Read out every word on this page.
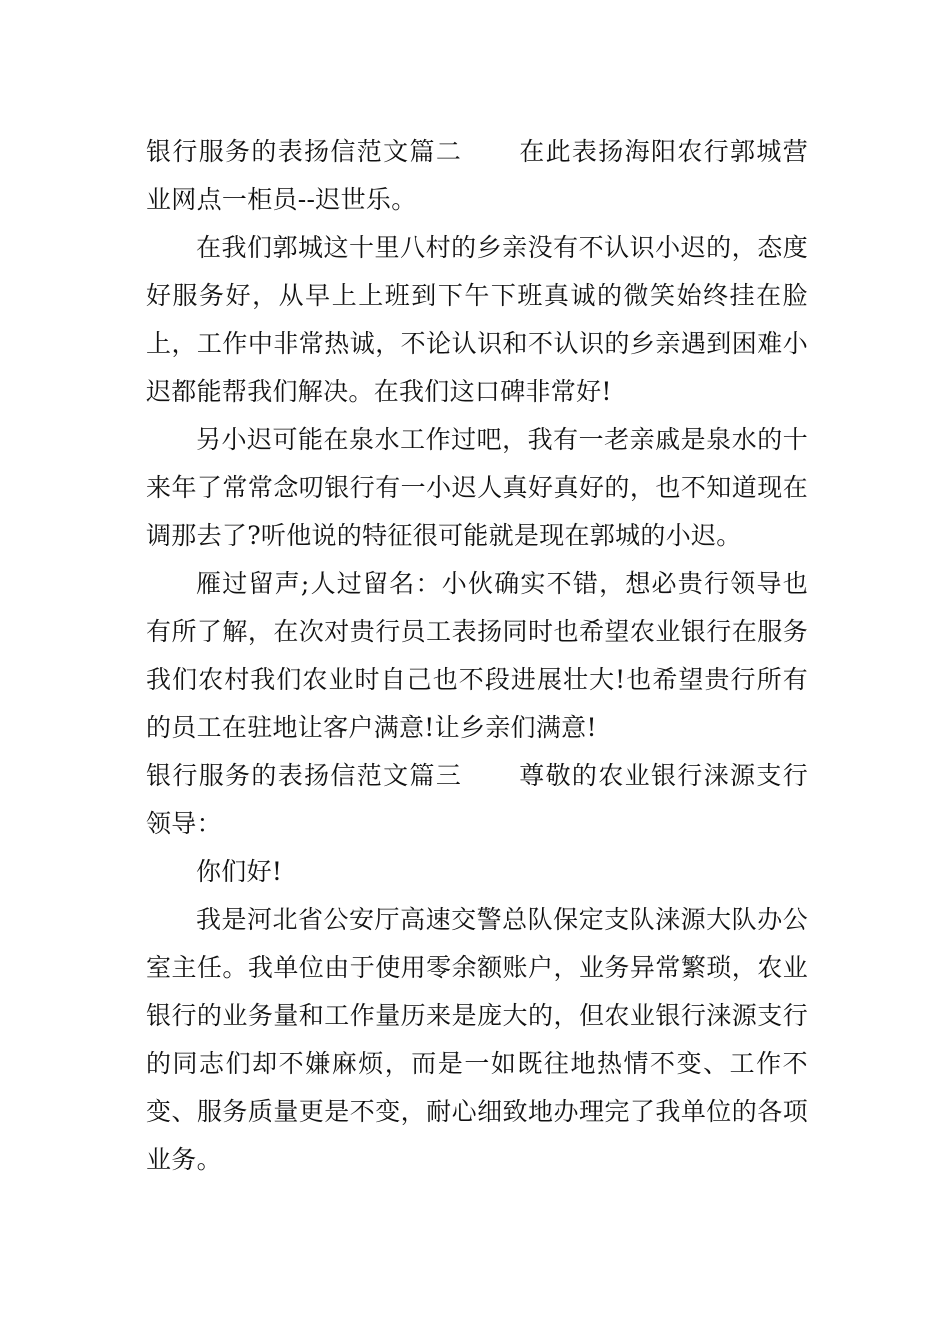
银行服务的表扬信范文篇二 在此表扬海阳农行郭城营业网点一柜员--迟世乐。

在我们郭城这十里八村的乡亲没有不认识小迟的，态度好服务好，从早上上班到下午下班真诚的微笑始终挂在脸上，工作中非常热诚，不论认识和不认识的乡亲遇到困难小迟都能帮我们解决。在我们这口碑非常好!

另小迟可能在泉水工作过吧，我有一老亲戚是泉水的十来年了常常念叨银行有一小迟人真好真好的，也不知道现在调那去了?听他说的特征很可能就是现在郭城的小迟。

雁过留声;人过留名：小伙确实不错，想必贵行领导也有所了解，在次对贵行员工表扬同时也希望农业银行在服务我们农村我们农业时自己也不段进展壮大!也希望贵行所有的员工在驻地让客户满意!让乡亲们满意!

银行服务的表扬信范文篇三 尊敬的农业银行涞源支行领导：

你们好!

我是河北省公安厅高速交警总队保定支队涞源大队办公室主任。我单位由于使用零余额账户，业务异常繁琐，农业银行的业务量和工作量历来是庞大的，但农业银行涞源支行的同志们却不嫌麻烦，而是一如既往地热情不变、工作不变、服务质量更是不变，耐心细致地办理完了我单位的各项业务。
